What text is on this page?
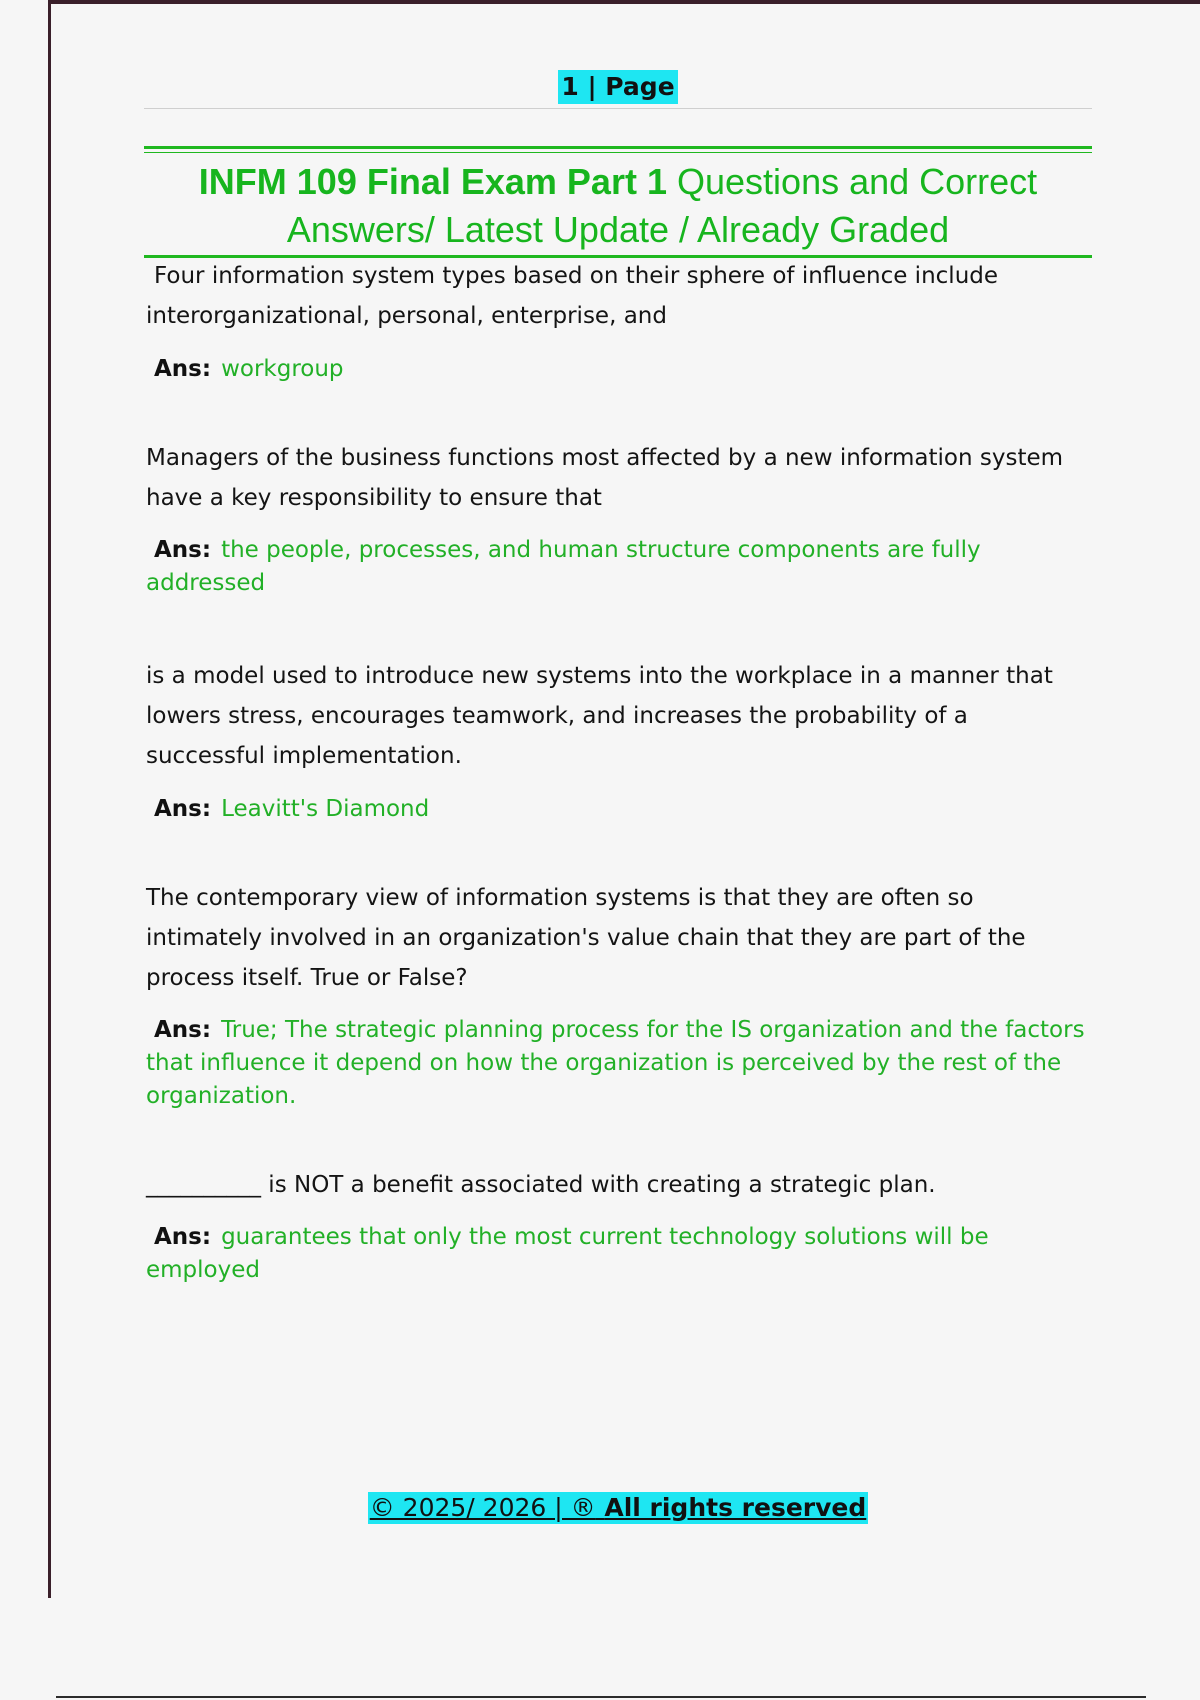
1 | Page
INFM 109 Final Exam Part 1 Questions and Correct Answers/ Latest Update / Already Graded

Four information system types based on their sphere of influence include interorganizational, personal, enterprise, and

Ans: workgroup

Managers of the business functions most affected by a new information system have a key responsibility to ensure that

Ans: the people, processes, and human structure components are fully addressed

is a model used to introduce new systems into the workplace in a manner that lowers stress, encourages teamwork, and increases the probability of a successful implementation.

Ans: Leavitt's Diamond

The contemporary view of information systems is that they are often so intimately involved in an organization's value chain that they are part of the process itself. True or False?

Ans: True; The strategic planning process for the IS organization and the factors that influence it depend on how the organization is perceived by the rest of the organization.

__________ is NOT a benefit associated with creating a strategic plan.

Ans: guarantees that only the most current technology solutions will be employed

© 2025/ 2026 | ® All rights reserved
